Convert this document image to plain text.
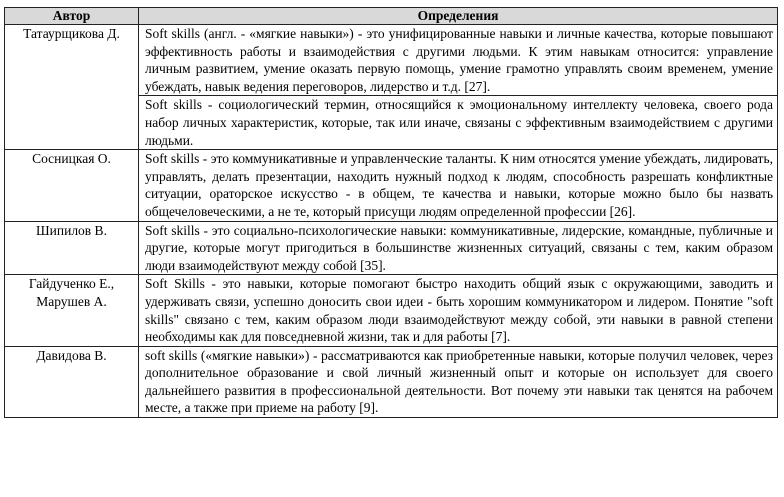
Автор	Определения
Татаурщикова Д.	Soft skills (англ. - «мягкие навыки») - это унифицированные навыки и личные качества, которые повышают эффективность работы и взаимодействия с другими людьми. К этим навыкам относится: управление личным развитием, умение оказать первую помощь, умение грамотно управлять своим временем, умение убеждать, навык ведения переговоров, лидерство и т.д. [27].
	Soft skills - социологический термин, относящийся к эмоциональному интеллекту человека, своего рода набор личных характеристик, которые, так или иначе, связаны с эффективным взаимодействием с другими людьми.
Сосницкая О.	Soft skills - это коммуникативные и управленческие таланты. К ним относятся умение убеждать, лидировать, управлять, делать презентации, находить нужный подход к людям, способность разрешать конфликтные ситуации, ораторское искусство - в общем, те качества и навыки, которые можно было бы назвать общечеловеческими, а не те, который присущи людям определенной профессии [26].
Шипилов В.	Soft skills - это социально-психологические навыки: коммуникативные, лидерские, командные, публичные и другие, которые могут пригодиться в большинстве жизненных ситуаций, связаны с тем, каким образом люди взаимодействуют между собой [35].
Гайдученко Е., Марушев А.	Soft Skills - это навыки, которые помогают быстро находить общий язык с окружающими, заводить и удерживать связи, успешно доносить свои идеи - быть хорошим коммуникатором и лидером. Понятие "soft skills" связано с тем, каким образом люди взаимодействуют между собой, эти навыки в равной степени необходимы как для повседневной жизни, так и для работы [7].
Давидова В.	soft skills («мягкие навыки») - рассматриваются как приобретенные навыки, которые получил человек, через дополнительное образование и свой личный жизненный опыт и которые он использует для своего дальнейшего развития в профессиональной деятельности. Вот почему эти навыки так ценятся на рабочем месте, а также при приеме на работу [9].
